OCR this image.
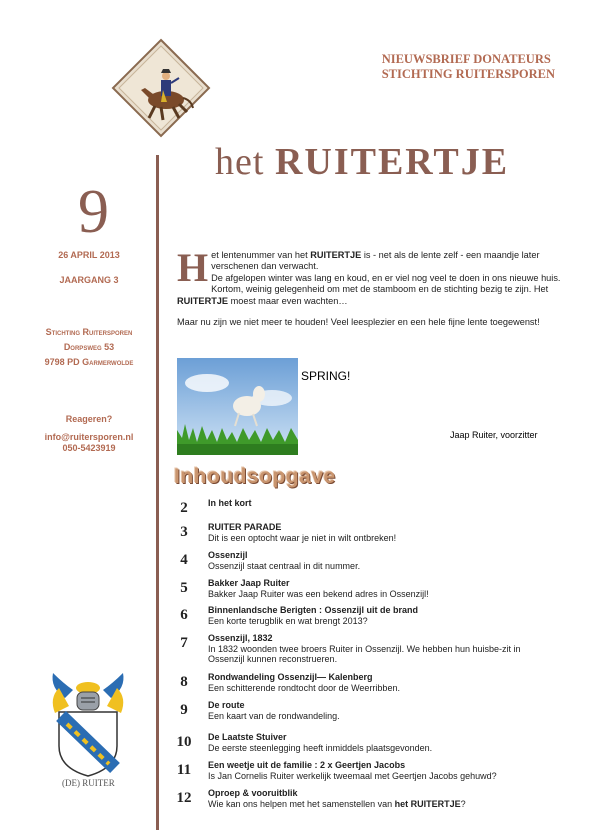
NIEUWSBRIEF DONATEURS
STICHTING RUITERSPOREN
het RUITERTJE
9
26 APRIL 2013
JAARGANG 3
Stichting Ruitersporen
Dorpsweg 53
9798 PD Garmerwolde
Reageren?
info@ruitersporen.nl
050-5423919

H et lentenummer van het RUITERTJE is - net als de lente zelf - een maandje later verschenen dan verwacht.
De afgelopen winter was lang en koud, en er viel nog veel te doen in ons nieuwe huis. Kortom, weinig gelegenheid om met de stamboom en de stichting bezig te zijn. Het RUITERTJE moest maar even wachten…

Maar nu zijn we niet meer te houden! Veel leesplezier en een hele fijne lente toegewenst!

SPRING!
Jaap Ruiter, voorzitter
Inhoudsopgave
2	In het kort
3	RUITER PARADE
Dit is een optocht waar je niet in wilt ontbreken!
4	Ossenzijl
Ossenzijl staat centraal in dit nummer.
5	Bakker Jaap Ruiter
Bakker Jaap Ruiter was een bekend adres in Ossenzijl!
6	Binnenlandsche Berigten : Ossenzijl uit de brand
Een korte terugblik en wat brengt 2013?
7	Ossenzijl, 1832
In 1832 woonden twee broers Ruiter in Ossenzijl. We hebben hun huisbe-zit in Ossenzijl kunnen reconstrueren.
8	Rondwandeling Ossenzijl— Kalenberg
Een schitterende rondtocht door de Weerribben.
9	De route
Een kaart van de rondwandeling.
10	De Laatste Stuiver
De eerste steenlegging heeft inmiddels plaatsgevonden.
11	Een weetje uit de familie : 2 x Geertjen Jacobs
Is Jan Cornelis Ruiter werkelijk tweemaal met Geertjen Jacobs gehuwd?
12	Oproep & vooruitblik
Wie kan ons helpen met het samenstellen van het RUITERTJE?
(DE) RUITER
